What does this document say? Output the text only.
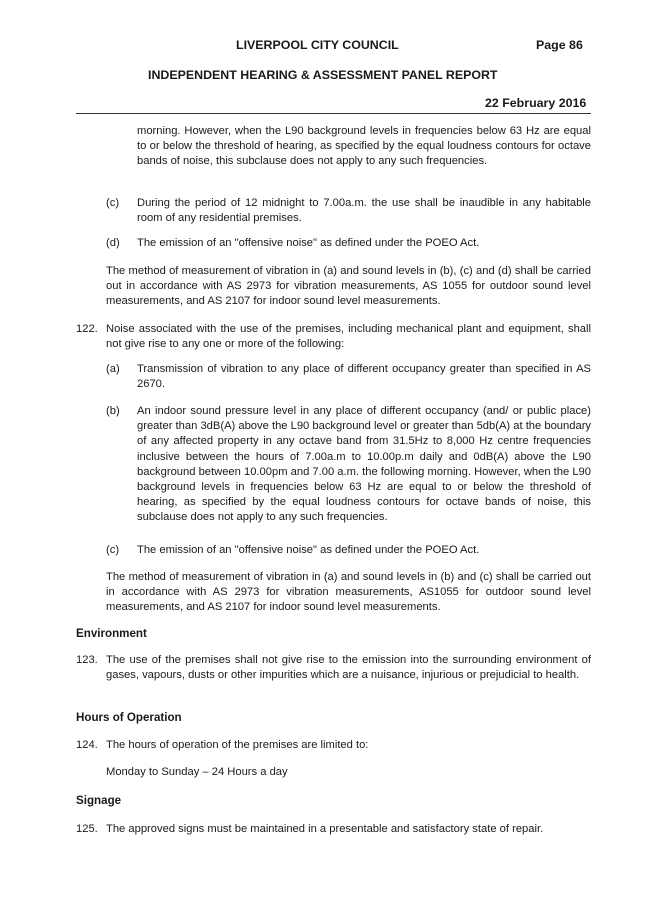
LIVERPOOL CITY COUNCIL	Page 86
INDEPENDENT HEARING & ASSESSMENT PANEL REPORT
22 February 2016
morning. However, when the L90 background levels in frequencies below 63 Hz are equal to or below the threshold of hearing, as specified by the equal loudness contours for octave bands of noise, this subclause does not apply to any such frequencies.
(c) During the period of 12 midnight to 7.00a.m. the use shall be inaudible in any habitable room of any residential premises.
(d) The emission of an "offensive noise" as defined under the POEO Act.
The method of measurement of vibration in (a) and sound levels in (b), (c) and (d) shall be carried out in accordance with AS 2973 for vibration measurements, AS 1055 for outdoor sound level measurements, and AS 2107 for indoor sound level measurements.
122. Noise associated with the use of the premises, including mechanical plant and equipment, shall not give rise to any one or more of the following:
(a) Transmission of vibration to any place of different occupancy greater than specified in AS 2670.
(b) An indoor sound pressure level in any place of different occupancy (and/ or public place) greater than 3dB(A) above the L90 background level or greater than 5db(A) at the boundary of any affected property in any octave band from 31.5Hz to 8,000 Hz centre frequencies inclusive between the hours of 7.00a.m to 10.00p.m daily and 0dB(A) above the L90 background between 10.00pm and 7.00 a.m. the following morning. However, when the L90 background levels in frequencies below 63 Hz are equal to or below the threshold of hearing, as specified by the equal loudness contours for octave bands of noise, this subclause does not apply to any such frequencies.
(c) The emission of an "offensive noise" as defined under the POEO Act.
The method of measurement of vibration in (a) and sound levels in (b) and (c) shall be carried out in accordance with AS 2973 for vibration measurements, AS1055 for outdoor sound level measurements, and AS 2107 for indoor sound level measurements.
Environment
123. The use of the premises shall not give rise to the emission into the surrounding environment of gases, vapours, dusts or other impurities which are a nuisance, injurious or prejudicial to health.
Hours of Operation
124. The hours of operation of the premises are limited to:
Monday to Sunday – 24 Hours a day
Signage
125. The approved signs must be maintained in a presentable and satisfactory state of repair.
